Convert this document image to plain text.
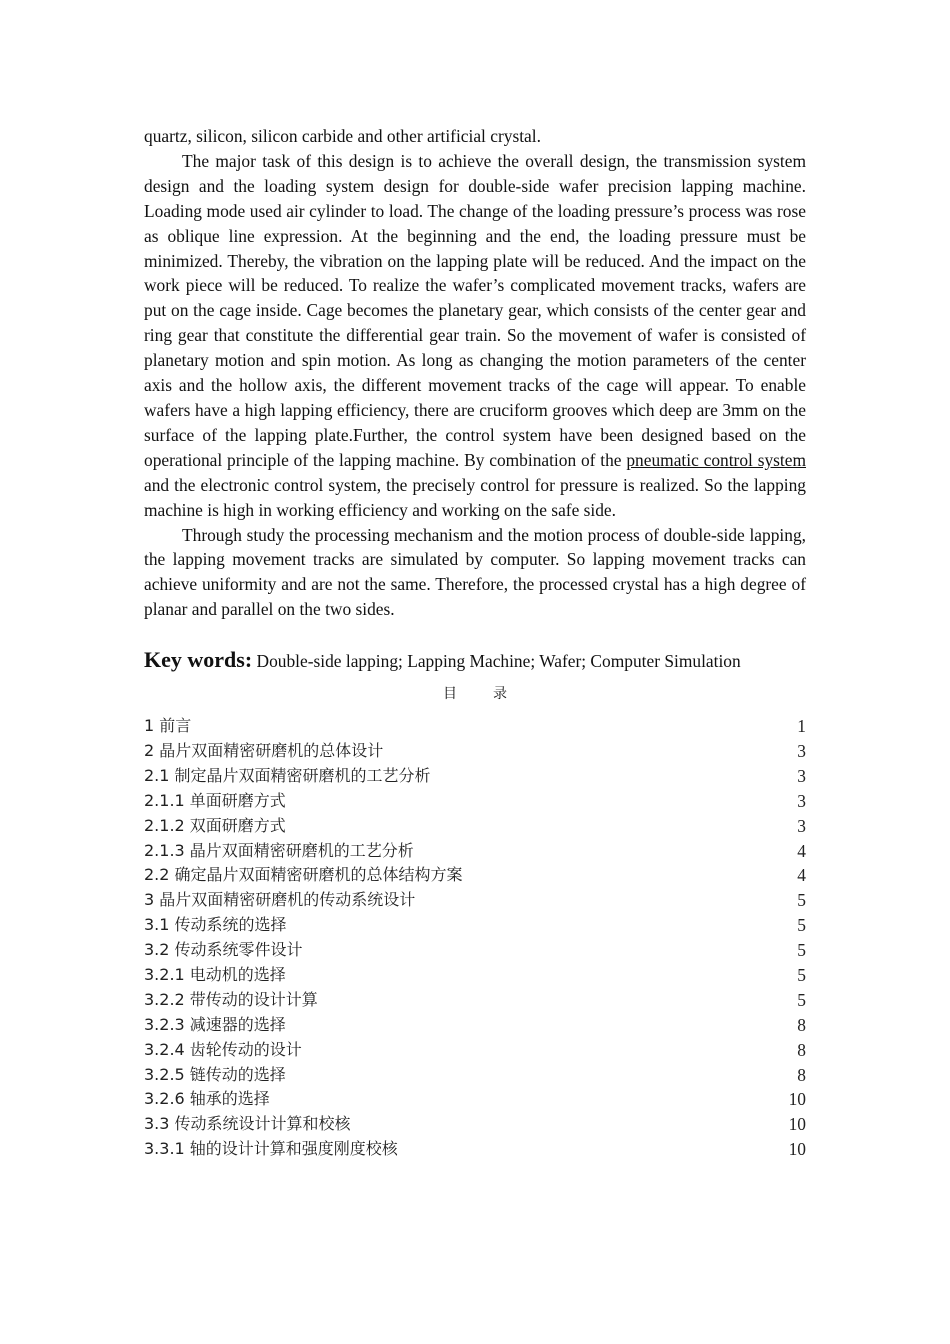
quartz, silicon, silicon carbide and other artificial crystal.

The major task of this design is to achieve the overall design, the transmission system design and the loading system design for double-side wafer precision lapping machine. Loading mode used air cylinder to load. The change of the loading pressure’s process was rose as oblique line expression. At the beginning and the end, the loading pressure must be minimized. Thereby, the vibration on the lapping plate will be reduced. And the impact on the work piece will be reduced. To realize the wafer’s complicated movement tracks, wafers are put on the cage inside. Cage becomes the planetary gear, which consists of the center gear and ring gear that constitute the differential gear train. So the movement of wafer is consisted of planetary motion and spin motion. As long as changing the motion parameters of the center axis and the hollow axis, the different movement tracks of the cage will appear. To enable wafers have a high lapping efficiency, there are cruciform grooves which deep are 3mm on the surface of the lapping plate.Further, the control system have been designed based on the operational principle of the lapping machine. By combination of the pneumatic control system and the electronic control system, the precisely control for pressure is realized. So the lapping machine is high in working efficiency and working on the safe side.

Through study the processing mechanism and the motion process of double-side lapping, the lapping movement tracks are simulated by computer. So lapping movement tracks can achieve uniformity and are not the same. Therefore, the processed crystal has a high degree of planar and parallel on the two sides.

Key words: Double-side lapping; Lapping Machine; Wafer; Computer Simulation
目	录
1 前言	1
2 晶片双面精密研磨机的总体设计	3
2.1 制定晶片双面精密研磨机的工艺分析	3
2.1.1 单面研磨方式	3
2.1.2 双面研磨方式	3
2.1.3 晶片双面精密研磨机的工艺分析	4
2.2 确定晶片双面精密研磨机的总体结构方案	4
3 晶片双面精密研磨机的传动系统设计	5
3.1 传动系统的选择	5
3.2 传动系统零件设计	5
3.2.1 电动机的选择	5
3.2.2 带传动的设计计算	5
3.2.3 减速器的选择	8
3.2.4 齿轮传动的设计	8
3.2.5 链传动的选择	8
3.2.6 轴承的选择	10
3.3 传动系统设计计算和校核	10
3.3.1 轴的设计计算和强度刚度校核	10
